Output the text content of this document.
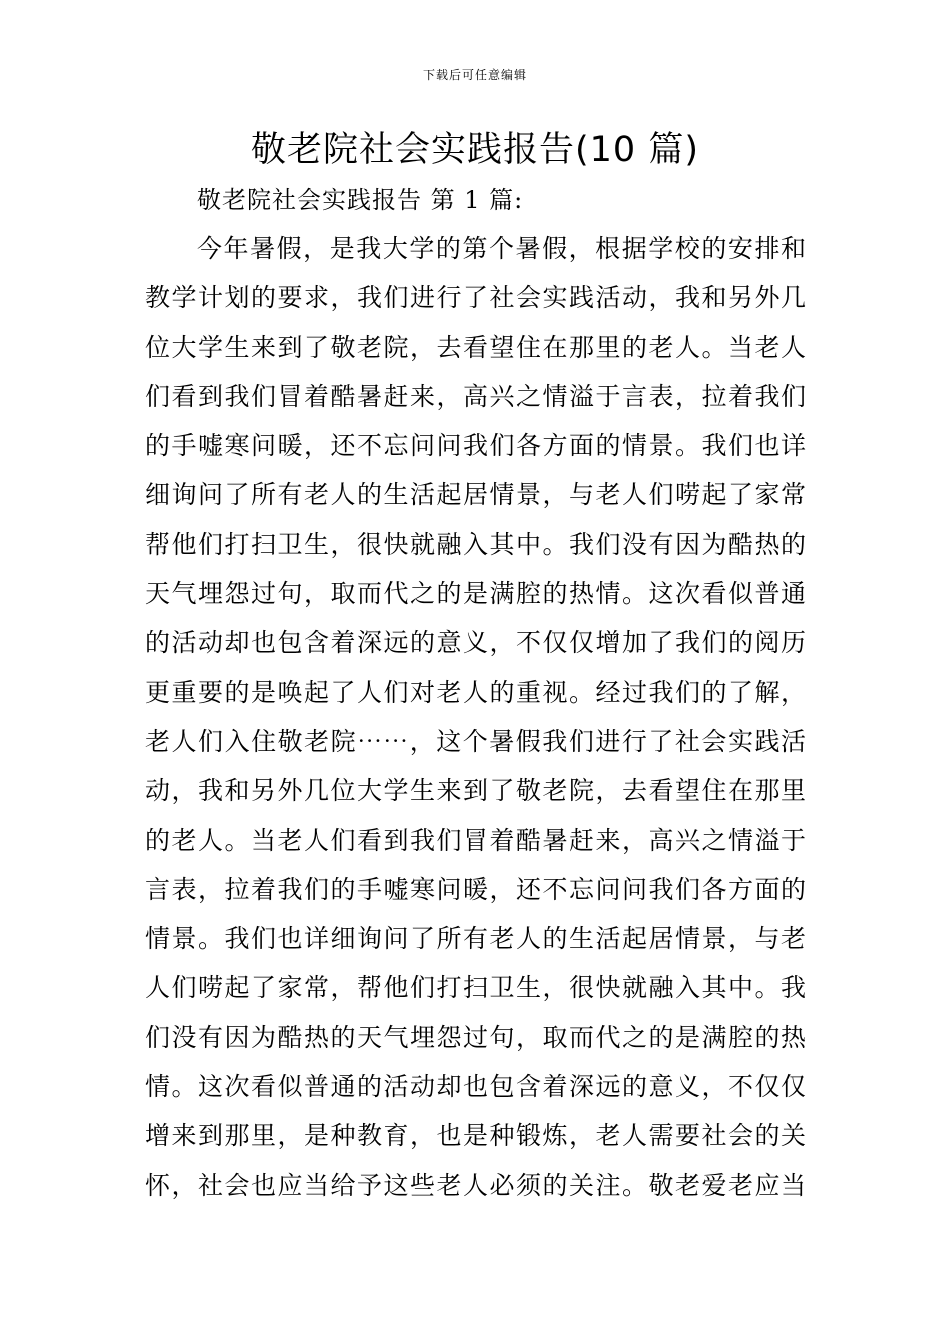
下载后可任意编辑
敬老院社会实践报告(10 篇)
敬老院社会实践报告 第 1 篇:
今年暑假，是我大学的第个暑假，根据学校的安排和
教学计划的要求，我们进行了社会实践活动，我和另外几
位大学生来到了敬老院，去看望住在那里的老人。当老人
们看到我们冒着酷暑赶来，高兴之情溢于言表，拉着我们
的手嘘寒问暖，还不忘问问我们各方面的情景。我们也详
细询问了所有老人的生活起居情景，与老人们唠起了家常
帮他们打扫卫生，很快就融入其中。我们没有因为酷热的
天气埋怨过句，取而代之的是满腔的热情。这次看似普通
的活动却也包含着深远的意义，不仅仅增加了我们的阅历
更重要的是唤起了人们对老人的重视。经过我们的了解，
老人们入住敬老院⋯⋯，这个暑假我们进行了社会实践活
动，我和另外几位大学生来到了敬老院，去看望住在那里
的老人。当老人们看到我们冒着酷暑赶来，高兴之情溢于
言表，拉着我们的手嘘寒问暖，还不忘问问我们各方面的
情景。我们也详细询问了所有老人的生活起居情景，与老
人们唠起了家常，帮他们打扫卫生，很快就融入其中。我
们没有因为酷热的天气埋怨过句，取而代之的是满腔的热
情。这次看似普通的活动却也包含着深远的意义，不仅仅
增来到那里，是种教育，也是种锻炼，老人需要社会的关
怀，社会也应当给予这些老人必须的关注。敬老爱老应当
